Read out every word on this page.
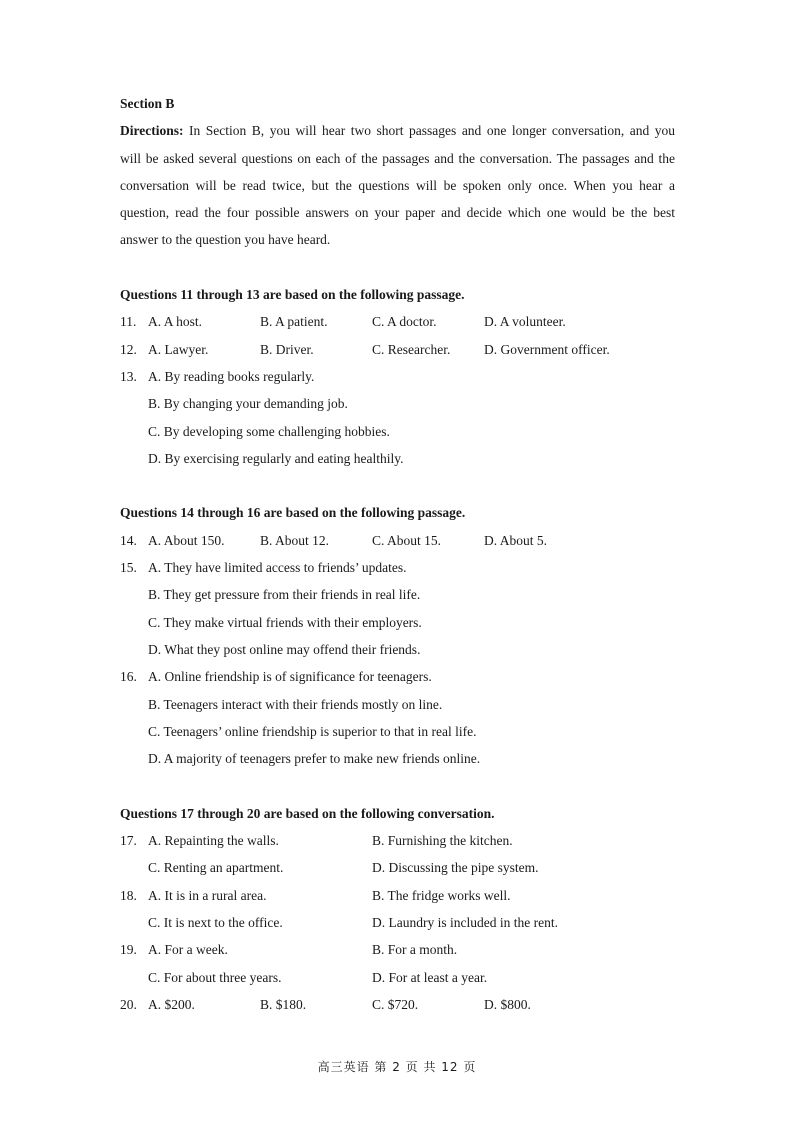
Section B
Directions: In Section B, you will hear two short passages and one longer conversation, and you
will be asked several questions on each of the passages and the conversation. The passages and the
conversation will be read twice, but the questions will be spoken only once. When you hear a
question, read the four possible answers on your paper and decide which one would be the best
answer to the question you have heard.
Questions 11 through 13 are based on the following passage.
11. A. A host.	B. A patient.	C. A doctor.	D. A volunteer.
12. A. Lawyer.	B. Driver.	C. Researcher. D. Government officer.
13. A. By reading books regularly.
B. By changing your demanding job.
C. By developing some challenging hobbies.
D. By exercising regularly and eating healthily.
Questions 14 through 16 are based on the following passage.
14. A. About 150.	B. About 12.	C. About 15.	D. About 5.
15. A. They have limited access to friends’ updates.
B. They get pressure from their friends in real life.
C. They make virtual friends with their employers.
D. What they post online may offend their friends.
16. A. Online friendship is of significance for teenagers.
B. Teenagers interact with their friends mostly on line.
C. Teenagers’ online friendship is superior to that in real life.
D. A majority of teenagers prefer to make new friends online.
Questions 17 through 20 are based on the following conversation.
17. A. Repainting the walls.	B. Furnishing the kitchen.
C. Renting an apartment.	D. Discussing the pipe system.
18. A. It is in a rural area.	B. The fridge works well.
C. It is next to the office.	D. Laundry is included in the rent.
19. A. For a week.	B. For a month.
C. For about three years.	D. For at least a year.
20. A. $200.	B. $180.	C. $720.	D. $800.
高三英语 第 2 页 共 12 页
